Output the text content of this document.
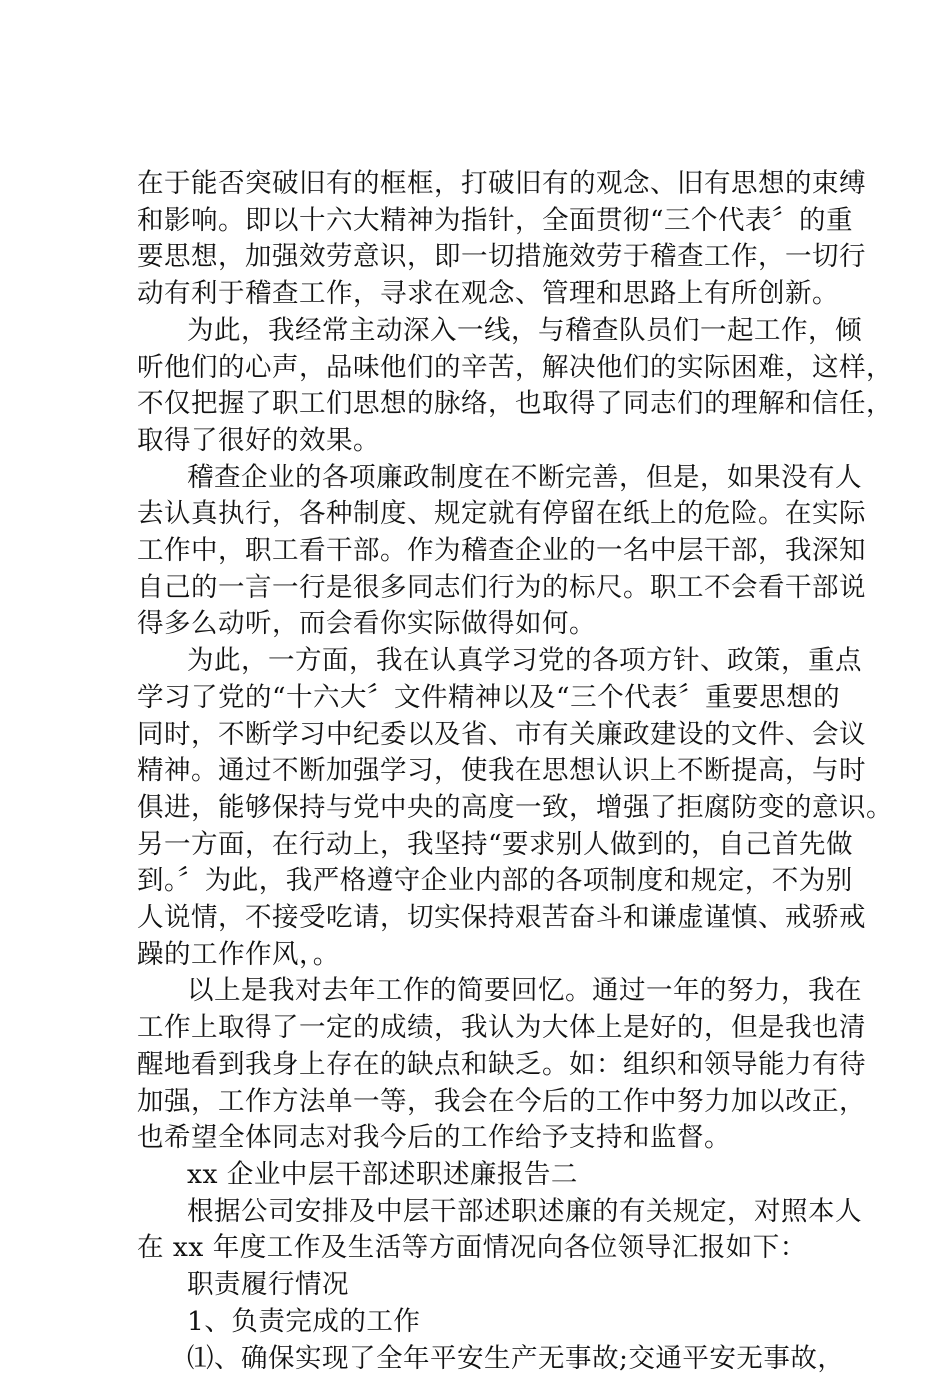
在于能否突破旧有的框框，打破旧有的观念、旧有思想的束缚
和影响。即以十六大精神为指针，全面贯彻“三个代表〞的重
要思想，加强效劳意识，即一切措施效劳于稽查工作，一切行
动有利于稽查工作，寻求在观念、管理和思路上有所创新。
为此，我经常主动深入一线，与稽查队员们一起工作，倾
听他们的心声，品味他们的辛苦，解决他们的实际困难，这样，
不仅把握了职工们思想的脉络，也取得了同志们的理解和信任，
取得了很好的效果。
稽查企业的各项廉政制度在不断完善，但是，如果没有人
去认真执行，各种制度、规定就有停留在纸上的危险。在实际
工作中，职工看干部。作为稽查企业的一名中层干部，我深知
自己的一言一行是很多同志们行为的标尺。职工不会看干部说
得多么动听，而会看你实际做得如何。
为此，一方面，我在认真学习党的各项方针、政策，重点
学习了党的“十六大〞文件精神以及“三个代表〞重要思想的
同时，不断学习中纪委以及省、市有关廉政建设的文件、会议
精神。通过不断加强学习，使我在思想认识上不断提高，与时
俱进，能够保持与党中央的高度一致，增强了拒腐防变的意识。
另一方面，在行动上，我坚持“要求别人做到的，自己首先做
到。〞为此，我严格遵守企业内部的各项制度和规定，不为别
人说情，不接受吃请，切实保持艰苦奋斗和谦虚谨慎、戒骄戒
躁的工作作风，。
以上是我对去年工作的简要回忆。通过一年的努力，我在
工作上取得了一定的成绩，我认为大体上是好的，但是我也清
醒地看到我身上存在的缺点和缺乏。如：组织和领导能力有待
加强，工作方法单一等，我会在今后的工作中努力加以改正，
也希望全体同志对我今后的工作给予支持和监督。
xx 企业中层干部述职述廉报告二
根据公司安排及中层干部述职述廉的有关规定，对照本人
在 xx 年度工作及生活等方面情况向各位领导汇报如下：
职责履行情况
1、负责完成的工作
⑴、确保实现了全年平安生产无事故;交通平安无事故，
